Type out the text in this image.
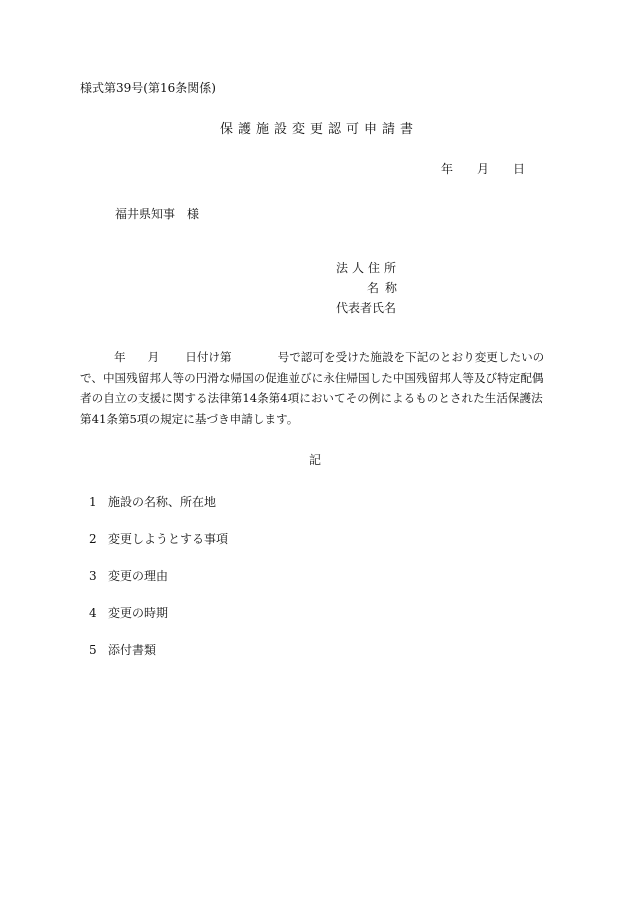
様式第39号(第16条関係)
保護施設変更認可申請書
年 月 日
福井県知事　様
法人住所
名称
代表者氏名
年 月 日付け第	号で認可を受けた施設を下記のとおり変更したいの
で、中国残留邦人等の円滑な帰国の促進並びに永住帰国した中国残留邦人等及び特定配偶
者の自立の支援に関する法律第14条第4項においてその例によるものとされた生活保護法
第41条第5項の規定に基づき申請します。
記
1 施設の名称、所在地
2 変更しようとする事項
3 変更の理由
4 変更の時期
5 添付書類
